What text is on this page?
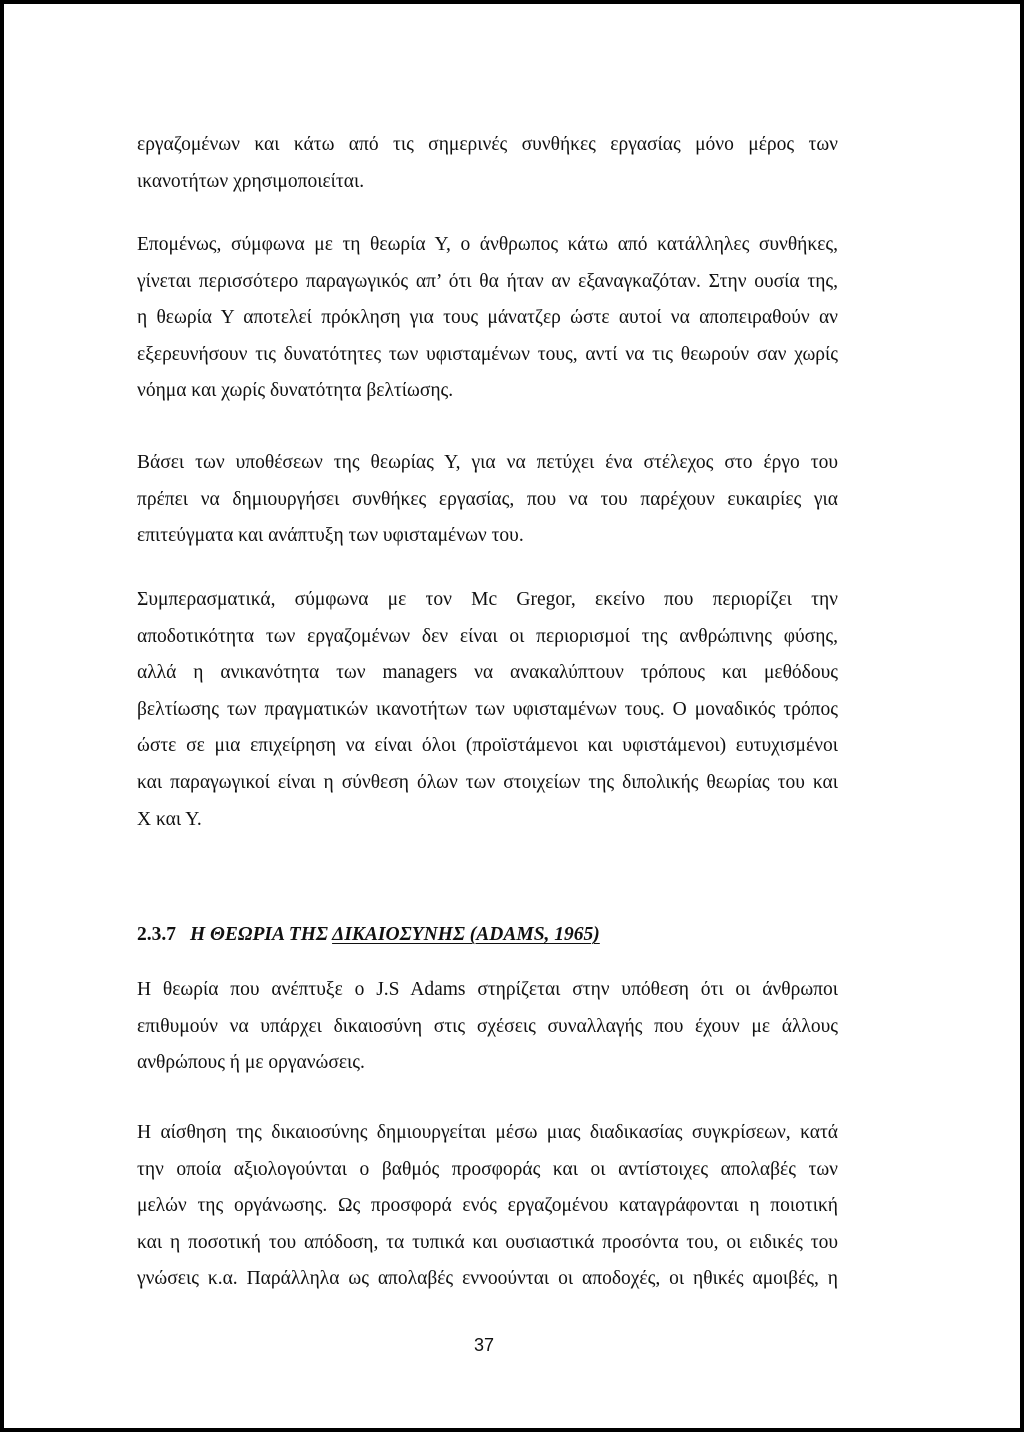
εργαζομένων και κάτω από τις σημερινές συνθήκες εργασίας μόνο μέρος των
ικανοτήτων χρησιμοποιείται.
Επομένως, σύμφωνα με τη θεωρία Υ, ο άνθρωπος κάτω από κατάλληλες συνθήκες,
γίνεται περισσότερο παραγωγικός απ’ ότι θα ήταν αν εξαναγκαζόταν. Στην ουσία της,
η θεωρία Υ αποτελεί πρόκληση για τους μάνατζερ ώστε αυτοί να αποπειραθούν αν
εξερευνήσουν τις δυνατότητες των υφισταμένων τους, αντί να τις θεωρούν σαν χωρίς
νόημα και χωρίς δυνατότητα βελτίωσης.
Βάσει των υποθέσεων της θεωρίας Υ, για να πετύχει ένα στέλεχος στο έργο του
πρέπει να δημιουργήσει συνθήκες εργασίας, που να του παρέχουν ευκαιρίες για
επιτεύγματα και ανάπτυξη των υφισταμένων του.
Συμπερασματικά, σύμφωνα με τον Mc Gregor, εκείνο που περιορίζει την
αποδοτικότητα των εργαζομένων δεν είναι οι περιορισμοί της ανθρώπινης φύσης,
αλλά η ανικανότητα των managers να ανακαλύπτουν τρόπους και μεθόδους
βελτίωσης των πραγματικών ικανοτήτων των υφισταμένων τους. Ο μοναδικός τρόπος
ώστε σε μια επιχείρηση να είναι όλοι (προϊστάμενοι και υφιστάμενοι) ευτυχισμένοι
και παραγωγικοί είναι η σύνθεση όλων των στοιχείων της διπολικής θεωρίας του και
Χ και Υ.
2.3.7 Η ΘΕΩΡΙΑ ΤΗΣ ΔΙΚΑΙΟΣΥΝΗΣ (ADAMS, 1965)
Η θεωρία που ανέπτυξε ο J.S Adams στηρίζεται στην υπόθεση ότι οι άνθρωποι
επιθυμούν να υπάρχει δικαιοσύνη στις σχέσεις συναλλαγής που έχουν με άλλους
ανθρώπους ή με οργανώσεις.
Η αίσθηση της δικαιοσύνης δημιουργείται μέσω μιας διαδικασίας συγκρίσεων, κατά
την οποία αξιολογούνται ο βαθμός προσφοράς και οι αντίστοιχες απολαβές των
μελών της οργάνωσης. Ως προσφορά ενός εργαζομένου καταγράφονται η ποιοτική
και η ποσοτική του απόδοση, τα τυπικά και ουσιαστικά προσόντα του, οι ειδικές του
γνώσεις κ.α. Παράλληλα ως απολαβές εννοούνται οι αποδοχές, οι ηθικές αμοιβές, η
37
